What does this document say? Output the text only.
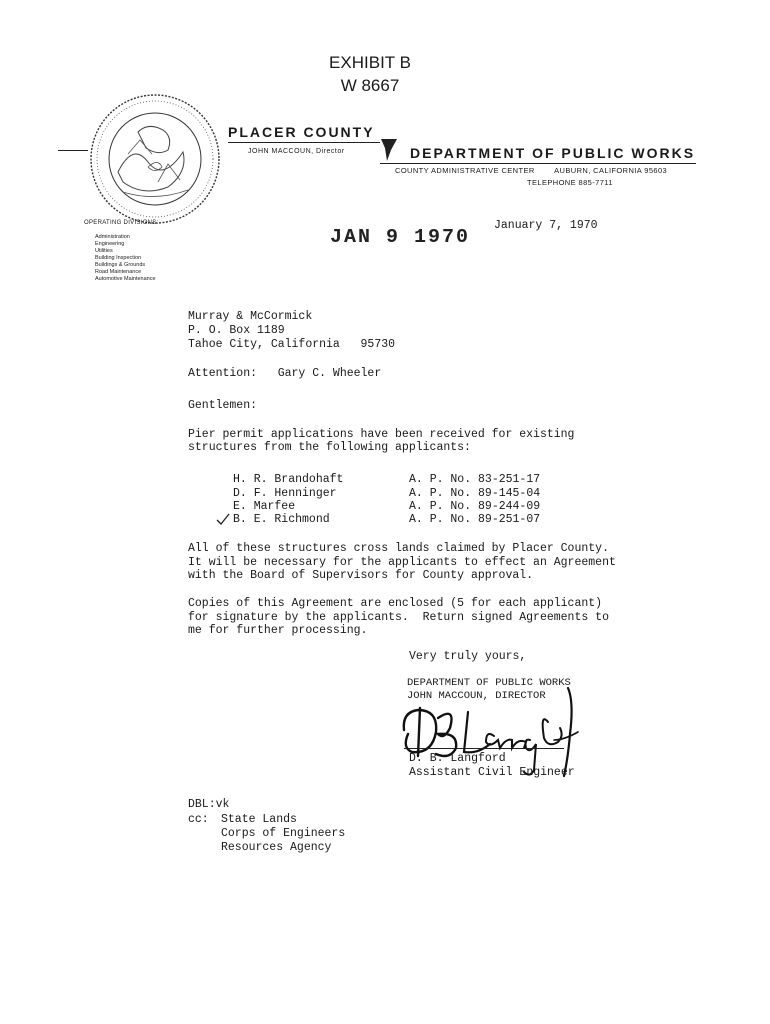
EXHIBIT B
W 8667
PLACER COUNTY
JOHN MACCOUN, Director	DEPARTMENT OF PUBLIC WORKS
COUNTY ADMINISTRATIVE CENTER        AUBURN, CALIFORNIA 95603
TELEPHONE 885-7711
OPERATING DIVISIONS:
Administration
Engineering
Utilities
Building Inspection
Buildings & Grounds
Road Maintenance
Automotive Maintenance
JAN 9 1970
January 7, 1970
Murray & McCormick
P. O. Box 1189
Tahoe City, California   95730
Attention:   Gary C. Wheeler
Gentlemen:
Pier permit applications have been received for existing
structures from the following applicants:
H. R. Brandohaft	A. P. No. 83-251-17
D. F. Henninger	A. P. No. 89-145-04
E. Marfee	A. P. No. 89-244-09
B. E. Richmond	A. P. No. 89-251-07
All of these structures cross lands claimed by Placer County.
It will be necessary for the applicants to effect an Agreement
with the Board of Supervisors for County approval.
Copies of this Agreement are enclosed (5 for each applicant)
for signature by the applicants.  Return signed Agreements to
me for further processing.
Very truly yours,
DEPARTMENT OF PUBLIC WORKS
JOHN MACCOUN, DIRECTOR
D. B. Langford
Assistant Civil Engineer
DBL:vk
cc: State Lands
Corps of Engineers
Resources Agency
